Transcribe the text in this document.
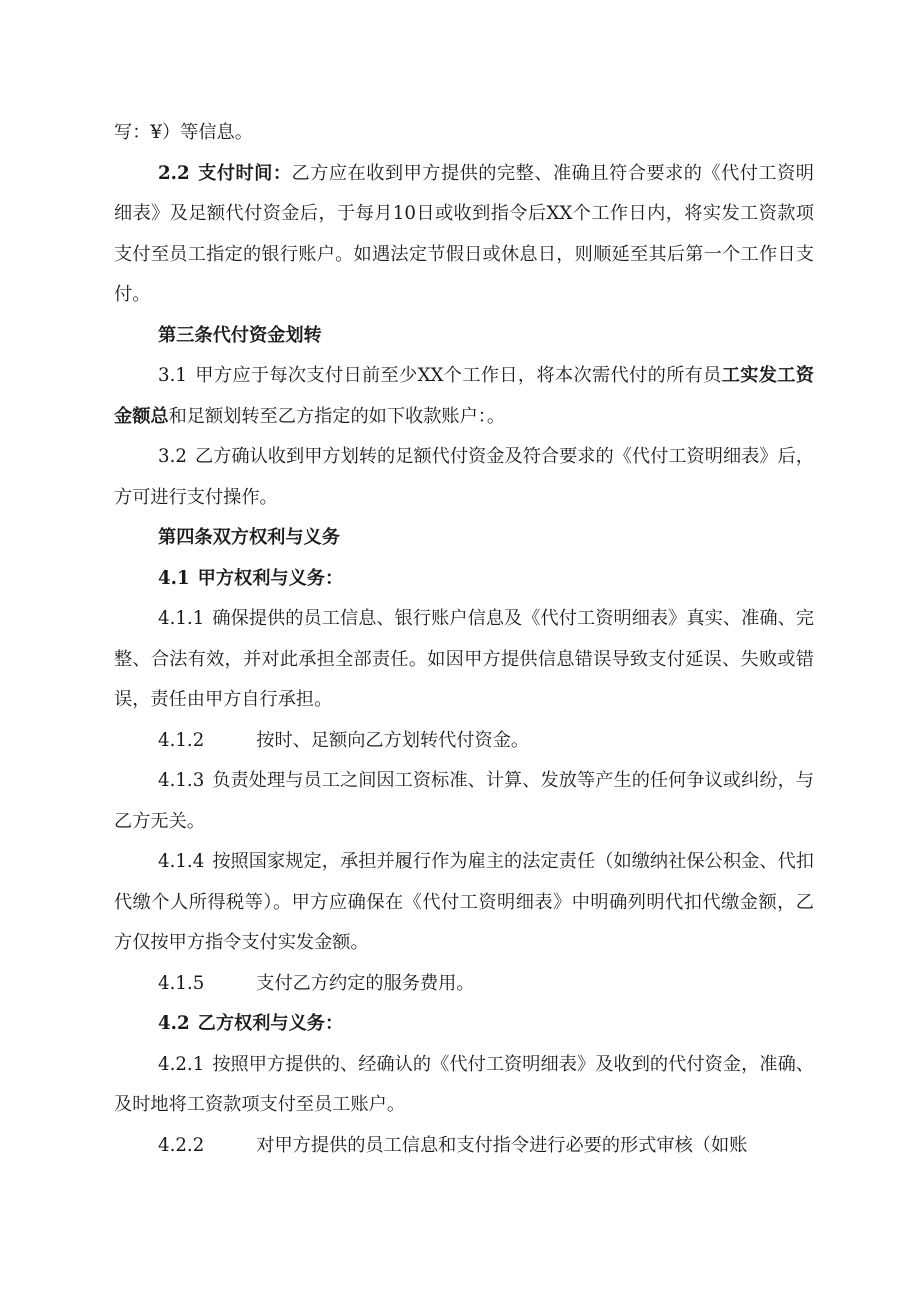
写：¥）等信息。

2.2 支付时间：乙方应在收到甲方提供的完整、准确且符合要求的《代付工资明细表》及足额代付资金后，于每月10日或收到指令后XX个工作日内，将实发工资款项支付至员工指定的银行账户。如遇法定节假日或休息日，则顺延至其后第一个工作日支付。

第三条代付资金划转

3.1 甲方应于每次支付日前至少XX个工作日，将本次需代付的所有员工实发工资金额总和足额划转至乙方指定的如下收款账户：。

3.2 乙方确认收到甲方划转的足额代付资金及符合要求的《代付工资明细表》后，方可进行支付操作。

第四条双方权利与义务

4.1 甲方权利与义务：

4.1.1 确保提供的员工信息、银行账户信息及《代付工资明细表》真实、准确、完整、合法有效，并对此承担全部责任。如因甲方提供信息错误导致支付延误、失败或错误，责任由甲方自行承担。

4.1.2	按时、足额向乙方划转代付资金。

4.1.3 负责处理与员工之间因工资标准、计算、发放等产生的任何争议或纠纷，与乙方无关。

4.1.4 按照国家规定，承担并履行作为雇主的法定责任（如缴纳社保公积金、代扣代缴个人所得税等）。甲方应确保在《代付工资明细表》中明确列明代扣代缴金额，乙方仅按甲方指令支付实发金额。

4.1.5	支付乙方约定的服务费用。

4.2 乙方权利与义务：

4.2.1 按照甲方提供的、经确认的《代付工资明细表》及收到的代付资金，准确、及时地将工资款项支付至员工账户。

4.2.2	对甲方提供的员工信息和支付指令进行必要的形式审核（如账
